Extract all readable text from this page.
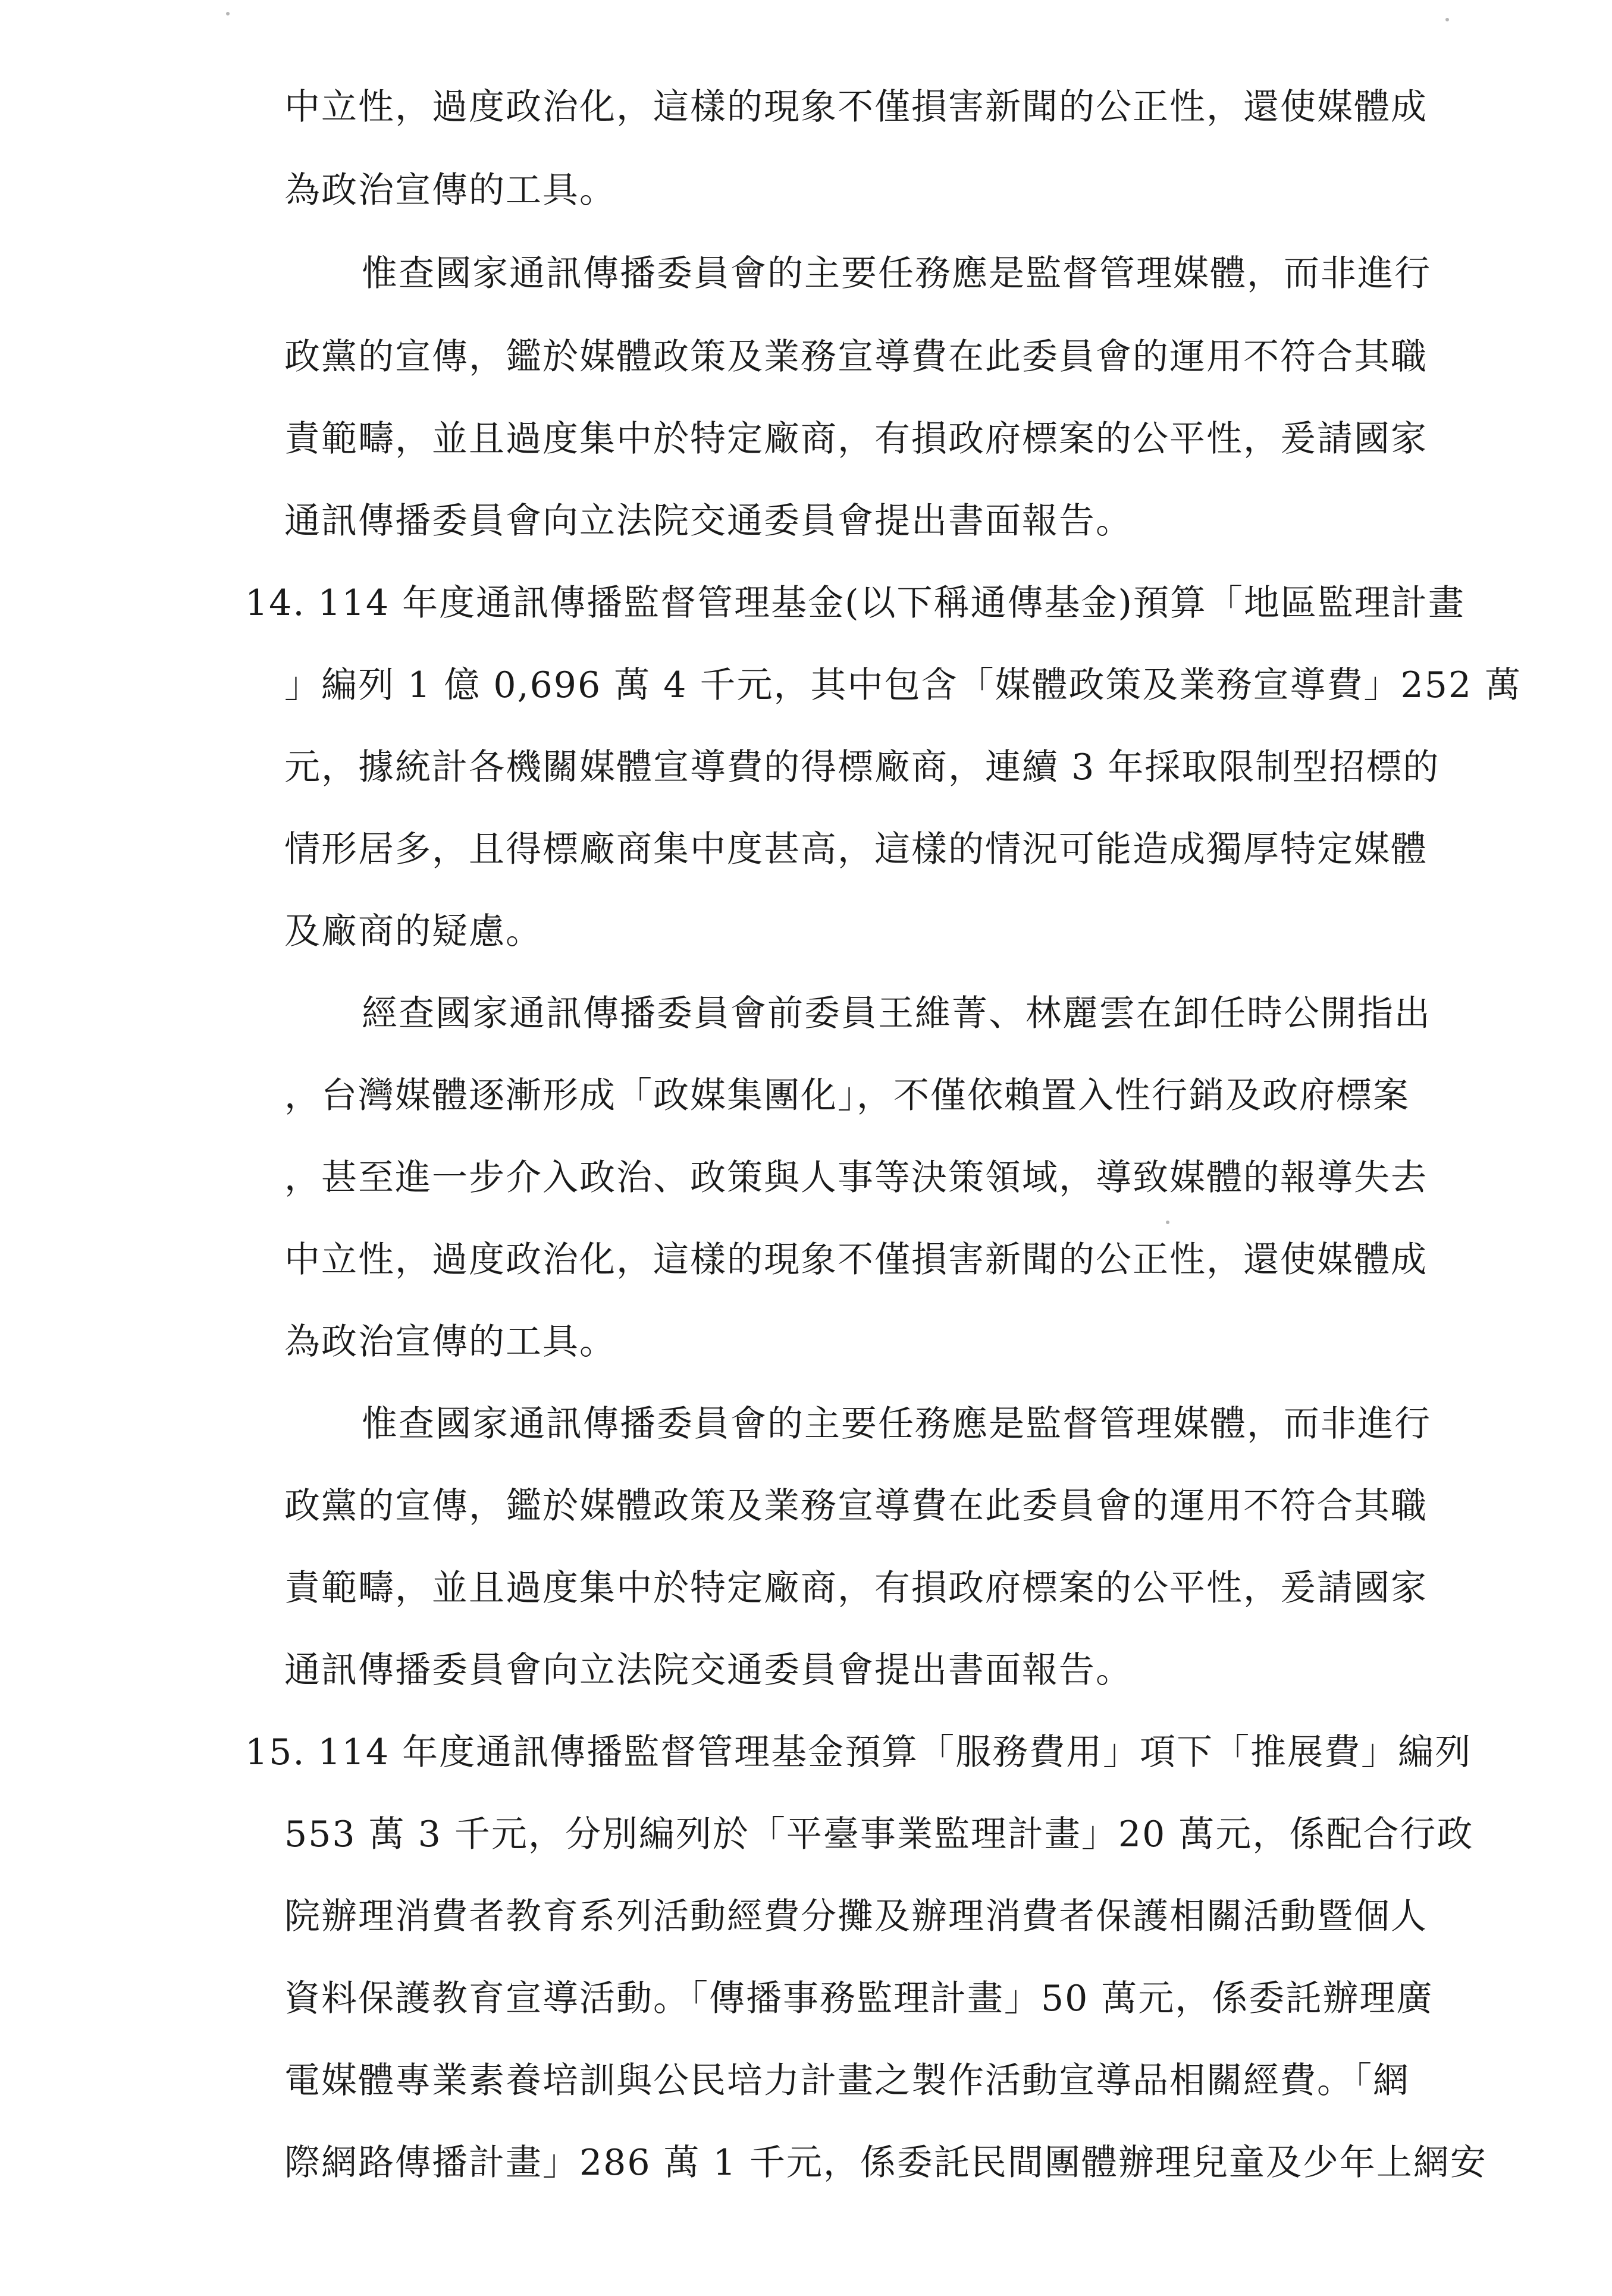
中立性，過度政治化，這樣的現象不僅損害新聞的公正性，還使媒體成
為政治宣傳的工具。
惟查國家通訊傳播委員會的主要任務應是監督管理媒體，而非進行
政黨的宣傳，鑑於媒體政策及業務宣導費在此委員會的運用不符合其職
責範疇，並且過度集中於特定廠商，有損政府標案的公平性，爰請國家
通訊傳播委員會向立法院交通委員會提出書面報告。
14. 114 年度通訊傳播監督管理基金(以下稱通傳基金)預算「地區監理計畫
」編列 1 億 0,696 萬 4 千元，其中包含「媒體政策及業務宣導費」252 萬
元，據統計各機關媒體宣導費的得標廠商，連續 3 年採取限制型招標的
情形居多，且得標廠商集中度甚高，這樣的情況可能造成獨厚特定媒體
及廠商的疑慮。
經查國家通訊傳播委員會前委員王維菁、林麗雲在卸任時公開指出
，台灣媒體逐漸形成「政媒集團化」，不僅依賴置入性行銷及政府標案
，甚至進一步介入政治、政策與人事等決策領域，導致媒體的報導失去
中立性，過度政治化，這樣的現象不僅損害新聞的公正性，還使媒體成
為政治宣傳的工具。
惟查國家通訊傳播委員會的主要任務應是監督管理媒體，而非進行
政黨的宣傳，鑑於媒體政策及業務宣導費在此委員會的運用不符合其職
責範疇，並且過度集中於特定廠商，有損政府標案的公平性，爰請國家
通訊傳播委員會向立法院交通委員會提出書面報告。
15. 114 年度通訊傳播監督管理基金預算「服務費用」項下「推展費」編列
553 萬 3 千元，分別編列於「平臺事業監理計畫」20 萬元，係配合行政
院辦理消費者教育系列活動經費分攤及辦理消費者保護相關活動暨個人
資料保護教育宣導活動。「傳播事務監理計畫」50 萬元，係委託辦理廣
電媒體專業素養培訓與公民培力計畫之製作活動宣導品相關經費。「網
際網路傳播計畫」286 萬 1 千元，係委託民間團體辦理兒童及少年上網安
